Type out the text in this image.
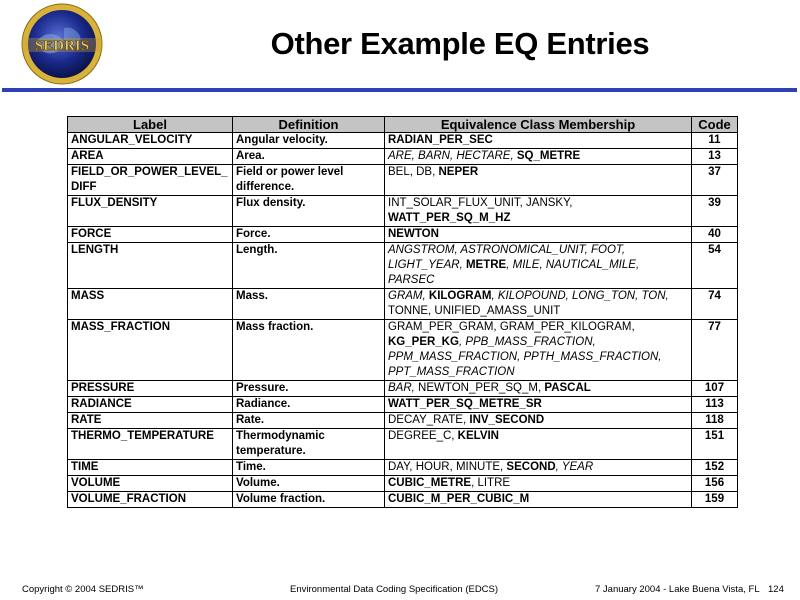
SEDRIS	Other Example EQ Entries
Label	Definition	Equivalence Class Membership	Code
ANGULAR_VELOCITY	Angular velocity.	RADIAN_PER_SEC	11
AREA	Area.	ARE, BARN, HECTARE, SQ_METRE	13
FIELD_OR_POWER_LEVEL_DIFF	Field or power level difference.	BEL, DB, NEPER	37
FLUX_DENSITY	Flux density.	INT_SOLAR_FLUX_UNIT, JANSKY, WATT_PER_SQ_M_HZ	39
FORCE	Force.	NEWTON	40
LENGTH	Length.	ANGSTROM, ASTRONOMICAL_UNIT, FOOT, LIGHT_YEAR, METRE, MILE, NAUTICAL_MILE, PARSEC	54
MASS	Mass.	GRAM, KILOGRAM, KILOPOUND, LONG_TON, TON, TONNE, UNIFIED_AMASS_UNIT	74
MASS_FRACTION	Mass fraction.	GRAM_PER_GRAM, GRAM_PER_KILOGRAM, KG_PER_KG, PPB_MASS_FRACTION, PPM_MASS_FRACTION, PPTH_MASS_FRACTION, PPT_MASS_FRACTION	77
PRESSURE	Pressure.	BAR, NEWTON_PER_SQ_M, PASCAL	107
RADIANCE	Radiance.	WATT_PER_SQ_METRE_SR	113
RATE	Rate.	DECAY_RATE, INV_SECOND	118
THERMO_TEMPERATURE	Thermodynamic temperature.	DEGREE_C, KELVIN	151
TIME	Time.	DAY, HOUR, MINUTE, SECOND, YEAR	152
VOLUME	Volume.	CUBIC_METRE, LITRE	156
VOLUME_FRACTION	Volume fraction.	CUBIC_M_PER_CUBIC_M	159
Copyright © 2004 SEDRIS™	Environmental Data Coding Specification (EDCS)	7 January 2004 - Lake Buena Vista, FL 124
